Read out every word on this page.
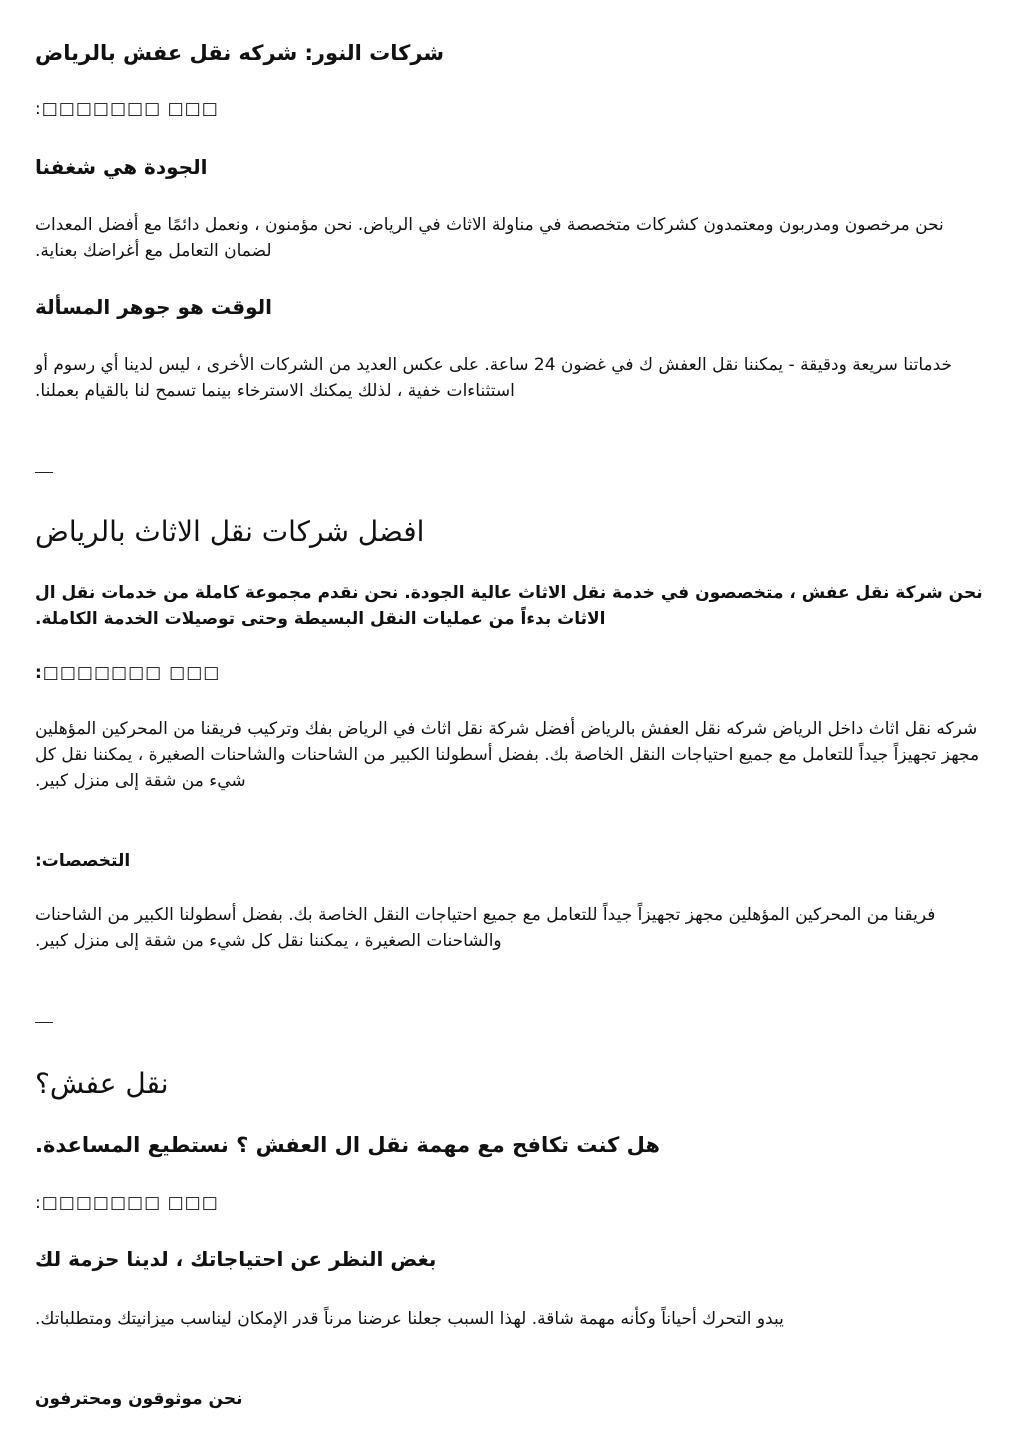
شركات النور: شركه نقل عفش بالرياض

□□□ □□□□□□□:

الجودة هي شغفنا

نحن مرخصون ومدربون ومعتمدون كشركات متخصصة في مناولة الاثاث في الرياض. نحن مؤمنون ، ونعمل دائمًا مع أفضل المعدات لضمان التعامل مع أغراضك بعناية.

الوقت هو جوهر المسألة

خدماتنا سريعة ودقيقة - يمكننا نقل العفش ك في غضون 24 ساعة. على عكس العديد من الشركات الأخرى ، ليس لدينا أي رسوم أو استثناءات خفية ، لذلك يمكنك الاسترخاء بينما تسمح لنا بالقيام بعملنا.

افضل شركات نقل الاثاث بالرياض

نحن شركة نقل عفش ، متخصصون في خدمة نقل الاثاث عالية الجودة. نحن نقدم مجموعة كاملة من خدمات نقل ال الاثاث بدءاً من عمليات النقل البسيطة وحتى توصيلات الخدمة الكاملة.

□□□ □□□□□□□:

شركه نقل اثاث داخل الرياض شركه نقل العفش بالرياض أفضل شركة نقل اثاث في الرياض بفك وتركيب فريقنا من المحركين المؤهلين مجهز تجهيزاً جيداً للتعامل مع جميع احتياجات النقل الخاصة بك. بفضل أسطولنا الكبير من الشاحنات والشاحنات الصغيرة ، يمكننا نقل كل شيء من شقة إلى منزل كبير.

التخصصات:

فريقنا من المحركين المؤهلين مجهز تجهيزاً جيداً للتعامل مع جميع احتياجات النقل الخاصة بك. بفضل أسطولنا الكبير من الشاحنات والشاحنات الصغيرة ، يمكننا نقل كل شيء من شقة إلى منزل كبير.

نقل عفش؟
هل كنت تكافح مع مهمة نقل ال العفش ؟ نستطيع المساعدة.

□□□ □□□□□□□:

بغض النظر عن احتياجاتك ، لدينا حزمة لك

يبدو التحرك أحياناً وكأنه مهمة شاقة. لهذا السبب جعلنا عرضنا مرناً قدر الإمكان ليناسب ميزانيتك ومتطلباتك.

نحن موثوقون ومحترفون
